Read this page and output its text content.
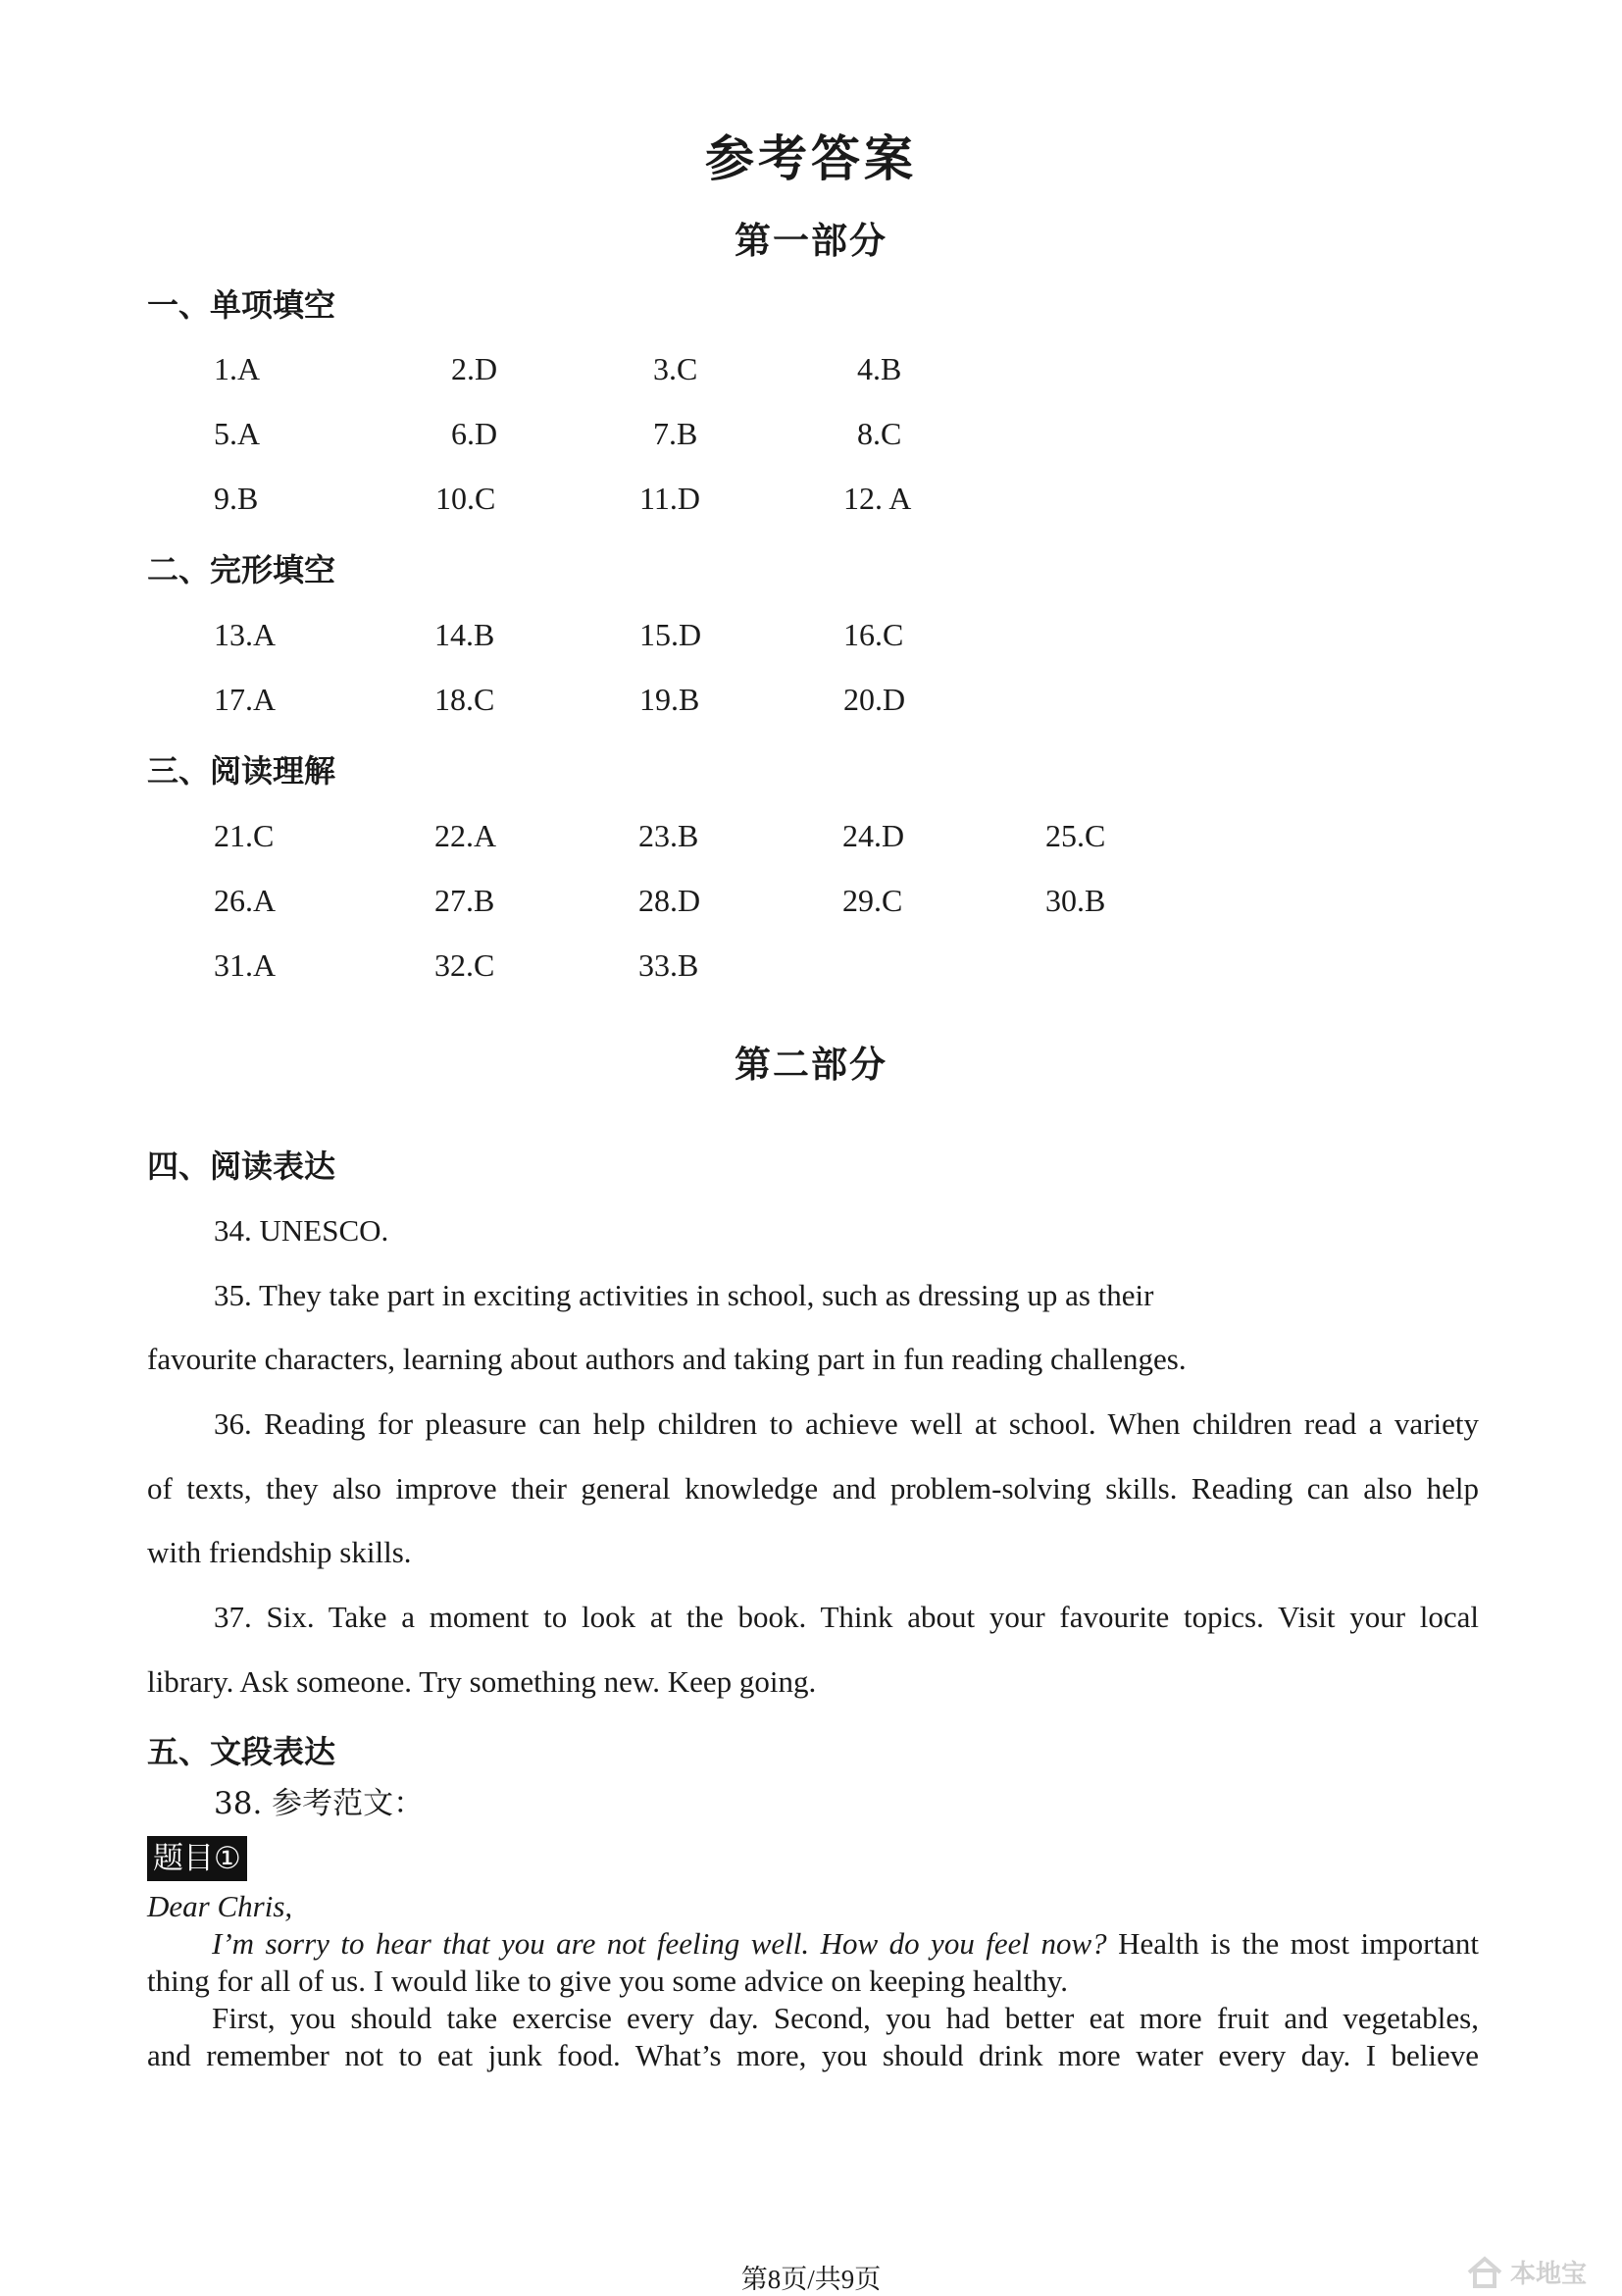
参考答案
第一部分
一、单项填空
1.A	2.D	3.C	4.B
5.A	6.D	7.B	8.C
9.B	10.C	11.D	12. A
二、完形填空
13.A	14.B	15.D	16.C
17.A	18.C	19.B	20.D
三、阅读理解
21.C	22.A	23.B	24.D	25.C
26.A	27.B	28.D	29.C	30.B
31.A	32.C	33.B
第二部分
四、阅读表达
34. UNESCO.
35. They take part in exciting activities in school, such as dressing up as their
favourite characters, learning about authors and taking part in fun reading challenges.
36. Reading for pleasure can help children to achieve well at school. When children read a variety
of texts, they also improve their general knowledge and problem-solving skills. Reading can also help
with friendship skills.
37. Six. Take a moment to look at the book. Think about your favourite topics. Visit your local
library. Ask someone. Try something new. Keep going.
五、文段表达
38. 参考范文：
题目①
Dear Chris,
I’m sorry to hear that you are not feeling well. How do you feel now? Health is the most important
thing for all of us. I would like to give you some advice on keeping healthy.
First, you should take exercise every day. Second, you had better eat more fruit and vegetables,
and remember not to eat junk food. What’s more, you should drink more water every day. I believe
第8页/共9页	本地宝
